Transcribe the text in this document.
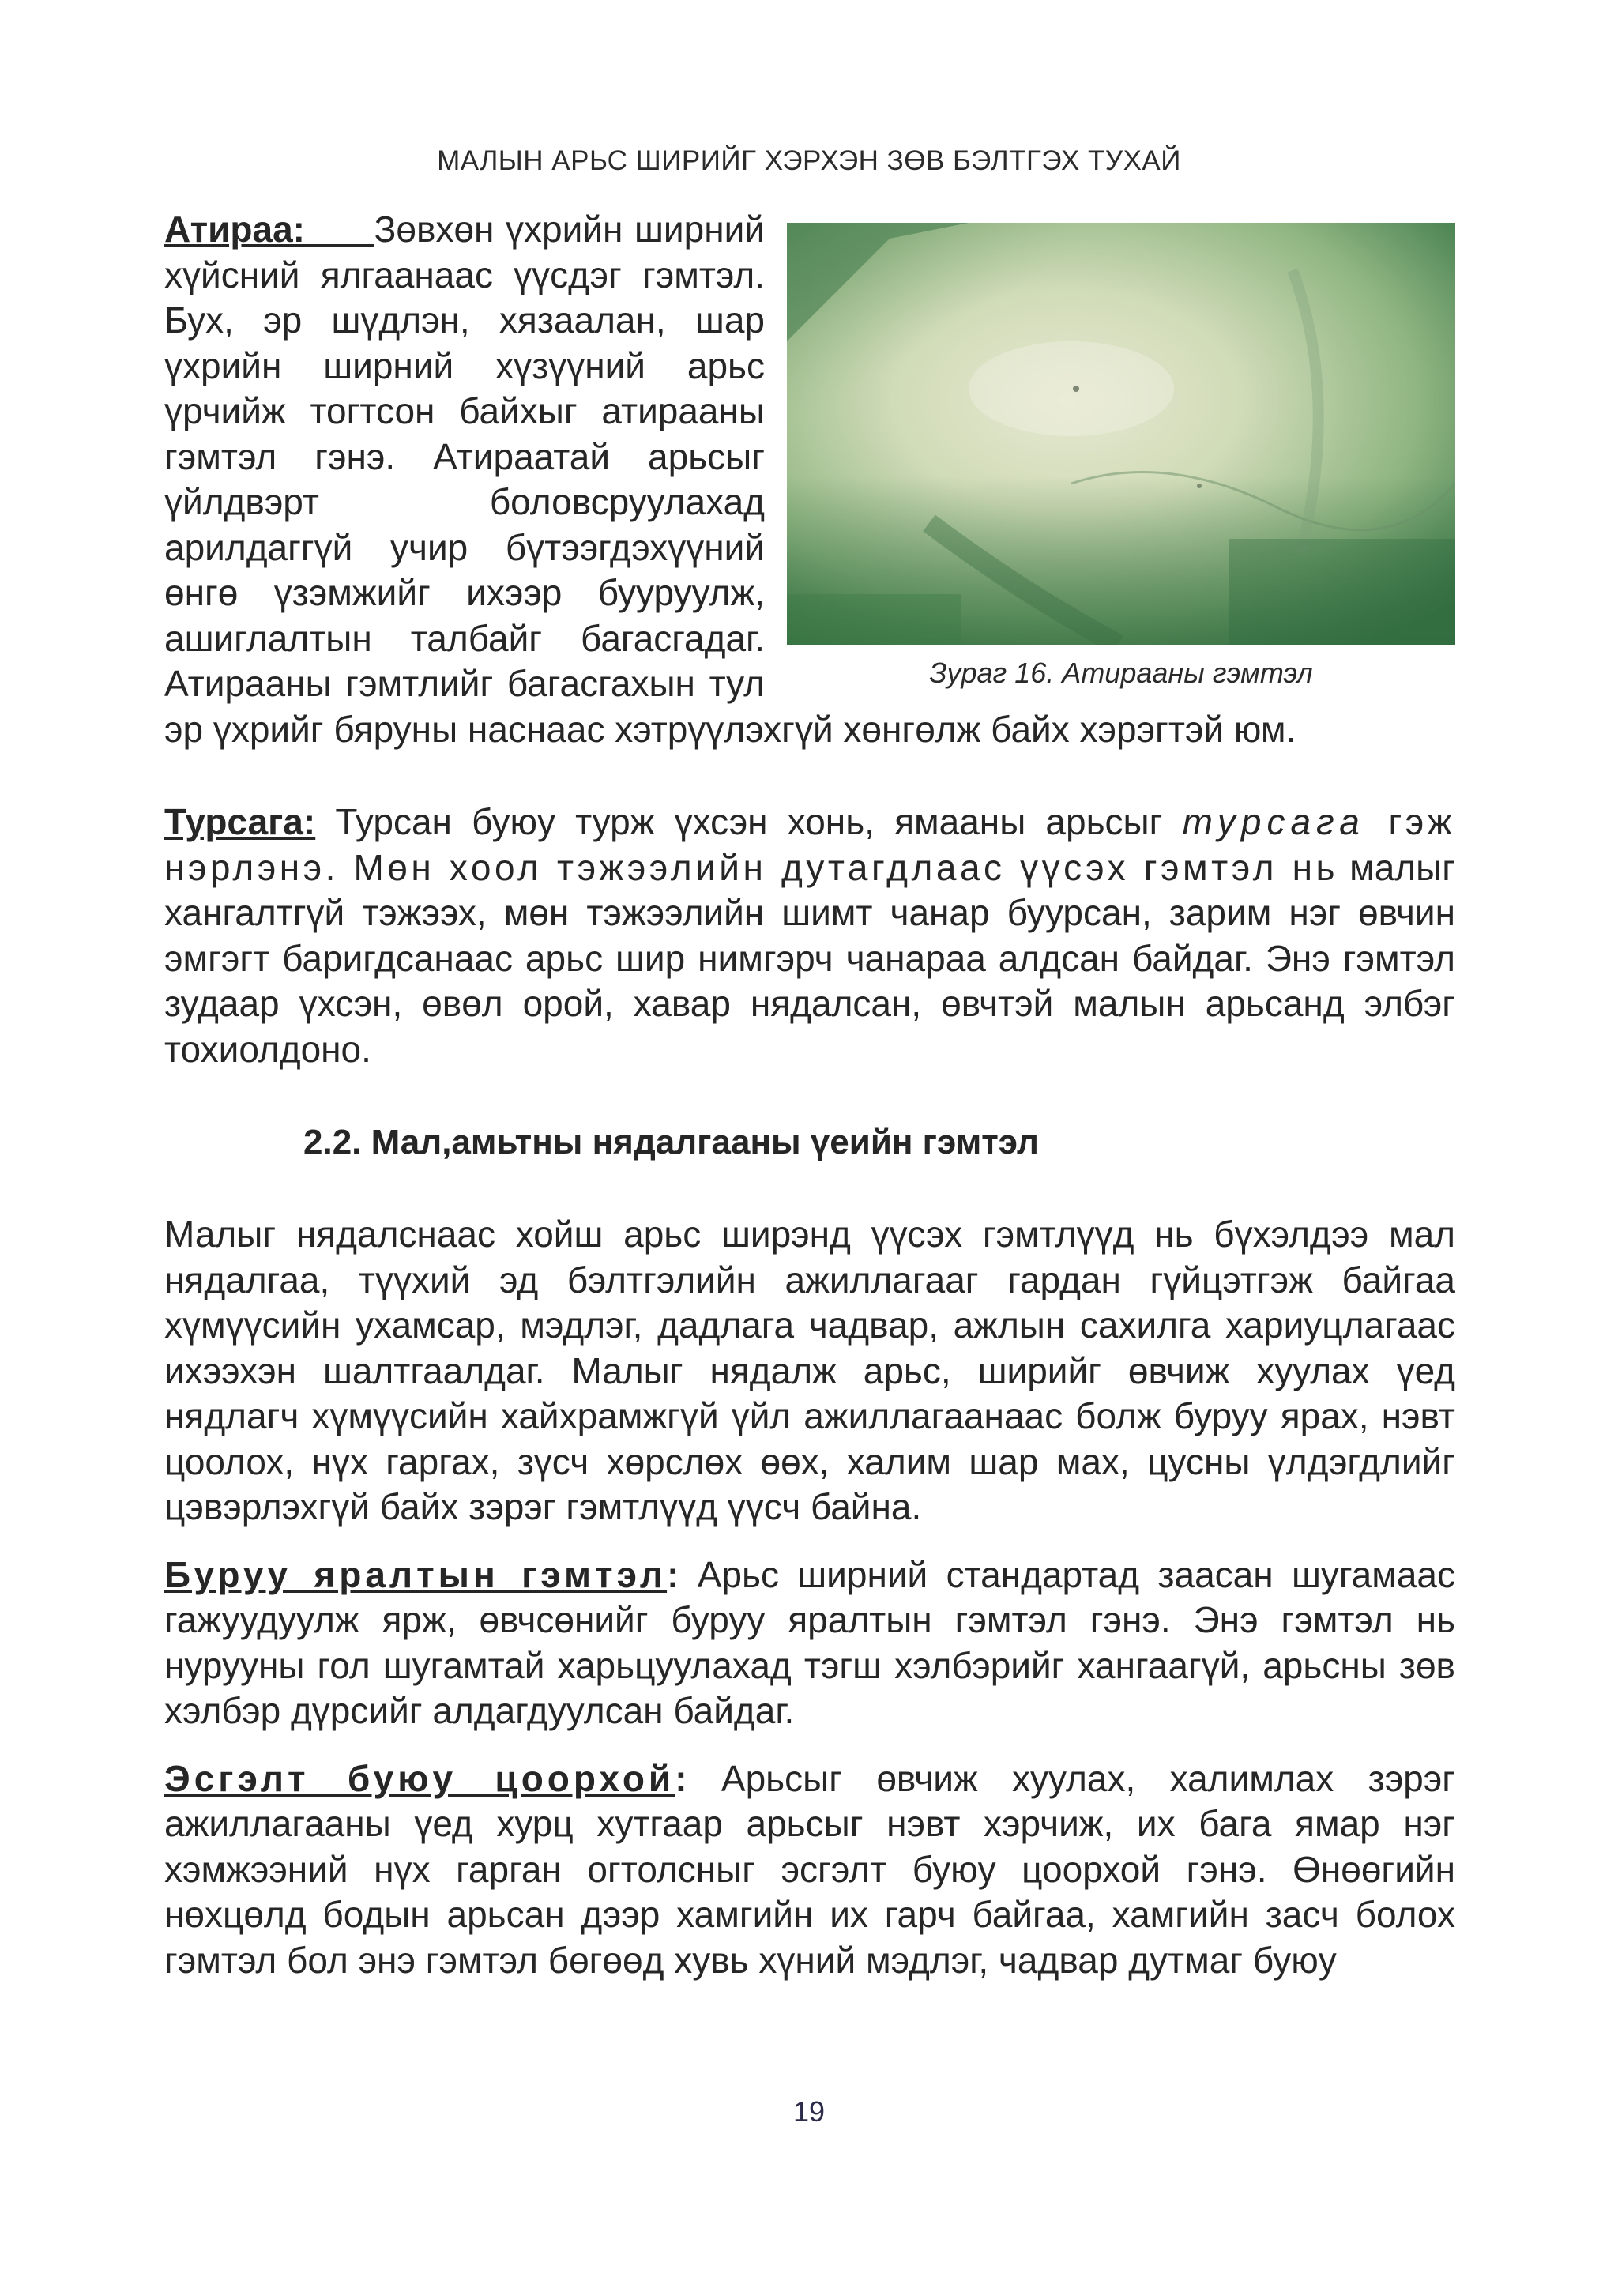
МАЛЫН АРЬС ШИРИЙГ ХЭРХЭН ЗӨВ БЭЛТГЭХ ТУХАЙ
Зураг 16. Атирааны гэмтэл

Атираа:      Зөвхөн үхрийн ширний хүйсний ялгаанаас үүсдэг гэмтэл. Бух, эр шүдлэн, хязаалан, шар үхрийн ширний хүзүүний арьс үрчийж тогтсон байхыг атирааны гэмтэл гэнэ. Атираатай арьсыг үйлдвэрт боловсруулахад арилдаггүй учир бүтээгдэхүүний өнгө үзэмжийг ихээр бууруулж, ашиглалтын талбайг багасгадаг. Атирааны гэмтлийг багасгахын тул эр үхрийг бяруны наснаас хэтрүүлэхгүй хөнгөлж байх хэрэгтэй юм.

Турсага: Турсан буюу турж үхсэн хонь, ямааны арьсыг турсага гэж нэрлэнэ. Мөн хоол тэжээлийн дутагдлаас үүсэх гэмтэл нь малыг хангалтгүй тэжээх, мөн тэжээлийн шимт чанар буурсан, зарим нэг өвчин эмгэгт баригдсанаас арьс шир нимгэрч чанараа алдсан байдаг. Энэ гэмтэл зудаар үхсэн, өвөл орой, хавар нядалсан, өвчтэй малын арьсанд элбэг тохиолдоно.

2.2. Мал,амьтны нядалгааны үеийн гэмтэл

Малыг нядалснаас хойш арьс ширэнд үүсэх гэмтлүүд нь бүхэлдээ мал нядалгаа, түүхий эд бэлтгэлийн ажиллагааг гардан гүйцэтгэж байгаа хүмүүсийн ухамсар, мэдлэг, дадлага чадвар, ажлын сахилга хариуцлагаас ихээхэн шалтгаалдаг. Малыг нядалж арьс, ширийг өвчиж хуулах үед нядлагч хүмүүсийн хайхрамжгүй үйл ажиллагаанаас болж буруу ярах, нэвт цоолох, нүх гаргах, зүсч хөрслөх өөх, халим шар мах, цусны үлдэгдлийг цэвэрлэхгүй байх зэрэг гэмтлүүд үүсч байна.

Буруу яралтын гэмтэл: Арьс ширний стандартад заасан шугамаас гажуудуулж ярж, өвчсөнийг буруу яралтын гэмтэл гэнэ. Энэ гэмтэл нь нурууны гол шугамтай харьцуулахад тэгш хэлбэрийг хангаагүй, арьсны зөв хэлбэр дүрсийг алдагдуулсан байдаг.

Эсгэлт буюу цоорхой: Арьсыг өвчиж хуулах, халимлах зэрэг ажиллагааны үед хурц хутгаар арьсыг нэвт хэрчиж, их бага ямар нэг хэмжээний нүх гарган огтолсныг эсгэлт буюу цоорхой гэнэ. Өнөөгийн нөхцөлд бодын арьсан дээр хамгийн их гарч байгаа, хамгийн засч болох гэмтэл бол энэ гэмтэл бөгөөд хувь хүний мэдлэг, чадвар дутмаг буюу

19
